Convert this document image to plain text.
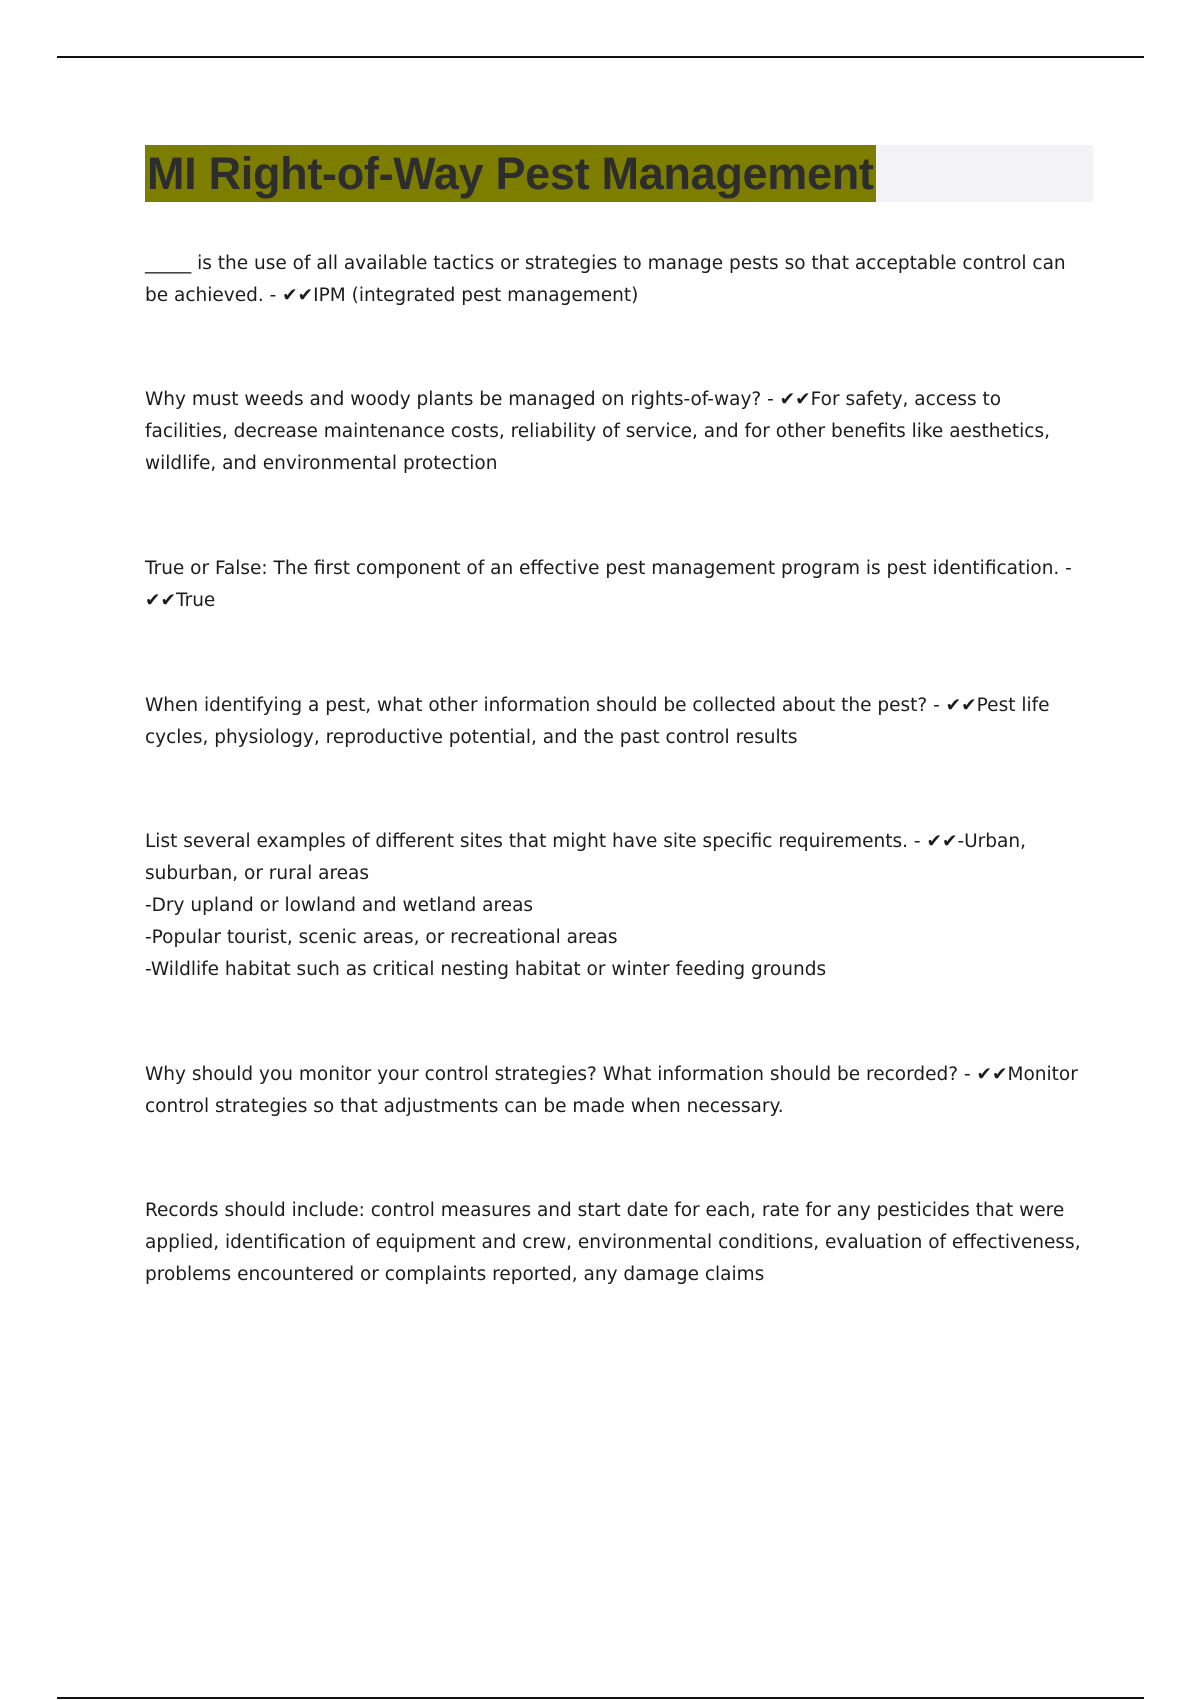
MI Right-of-Way Pest Management

_____ is the use of all available tactics or strategies to manage pests so that acceptable control can be achieved. - ✔✔IPM (integrated pest management)

Why must weeds and woody plants be managed on rights-of-way? - ✔✔For safety, access to facilities, decrease maintenance costs, reliability of service, and for other benefits like aesthetics, wildlife, and environmental protection

True or False: The first component of an effective pest management program is pest identification. - ✔✔True

When identifying a pest, what other information should be collected about the pest? - ✔✔Pest life cycles, physiology, reproductive potential, and the past control results

List several examples of different sites that might have site specific requirements. - ✔✔-Urban, suburban, or rural areas

-Dry upland or lowland and wetland areas

-Popular tourist, scenic areas, or recreational areas

-Wildlife habitat such as critical nesting habitat or winter feeding grounds

Why should you monitor your control strategies? What information should be recorded? - ✔✔Monitor control strategies so that adjustments can be made when necessary.

Records should include: control measures and start date for each, rate for any pesticides that were applied, identification of equipment and crew, environmental conditions, evaluation of effectiveness, problems encountered or complaints reported, any damage claims
